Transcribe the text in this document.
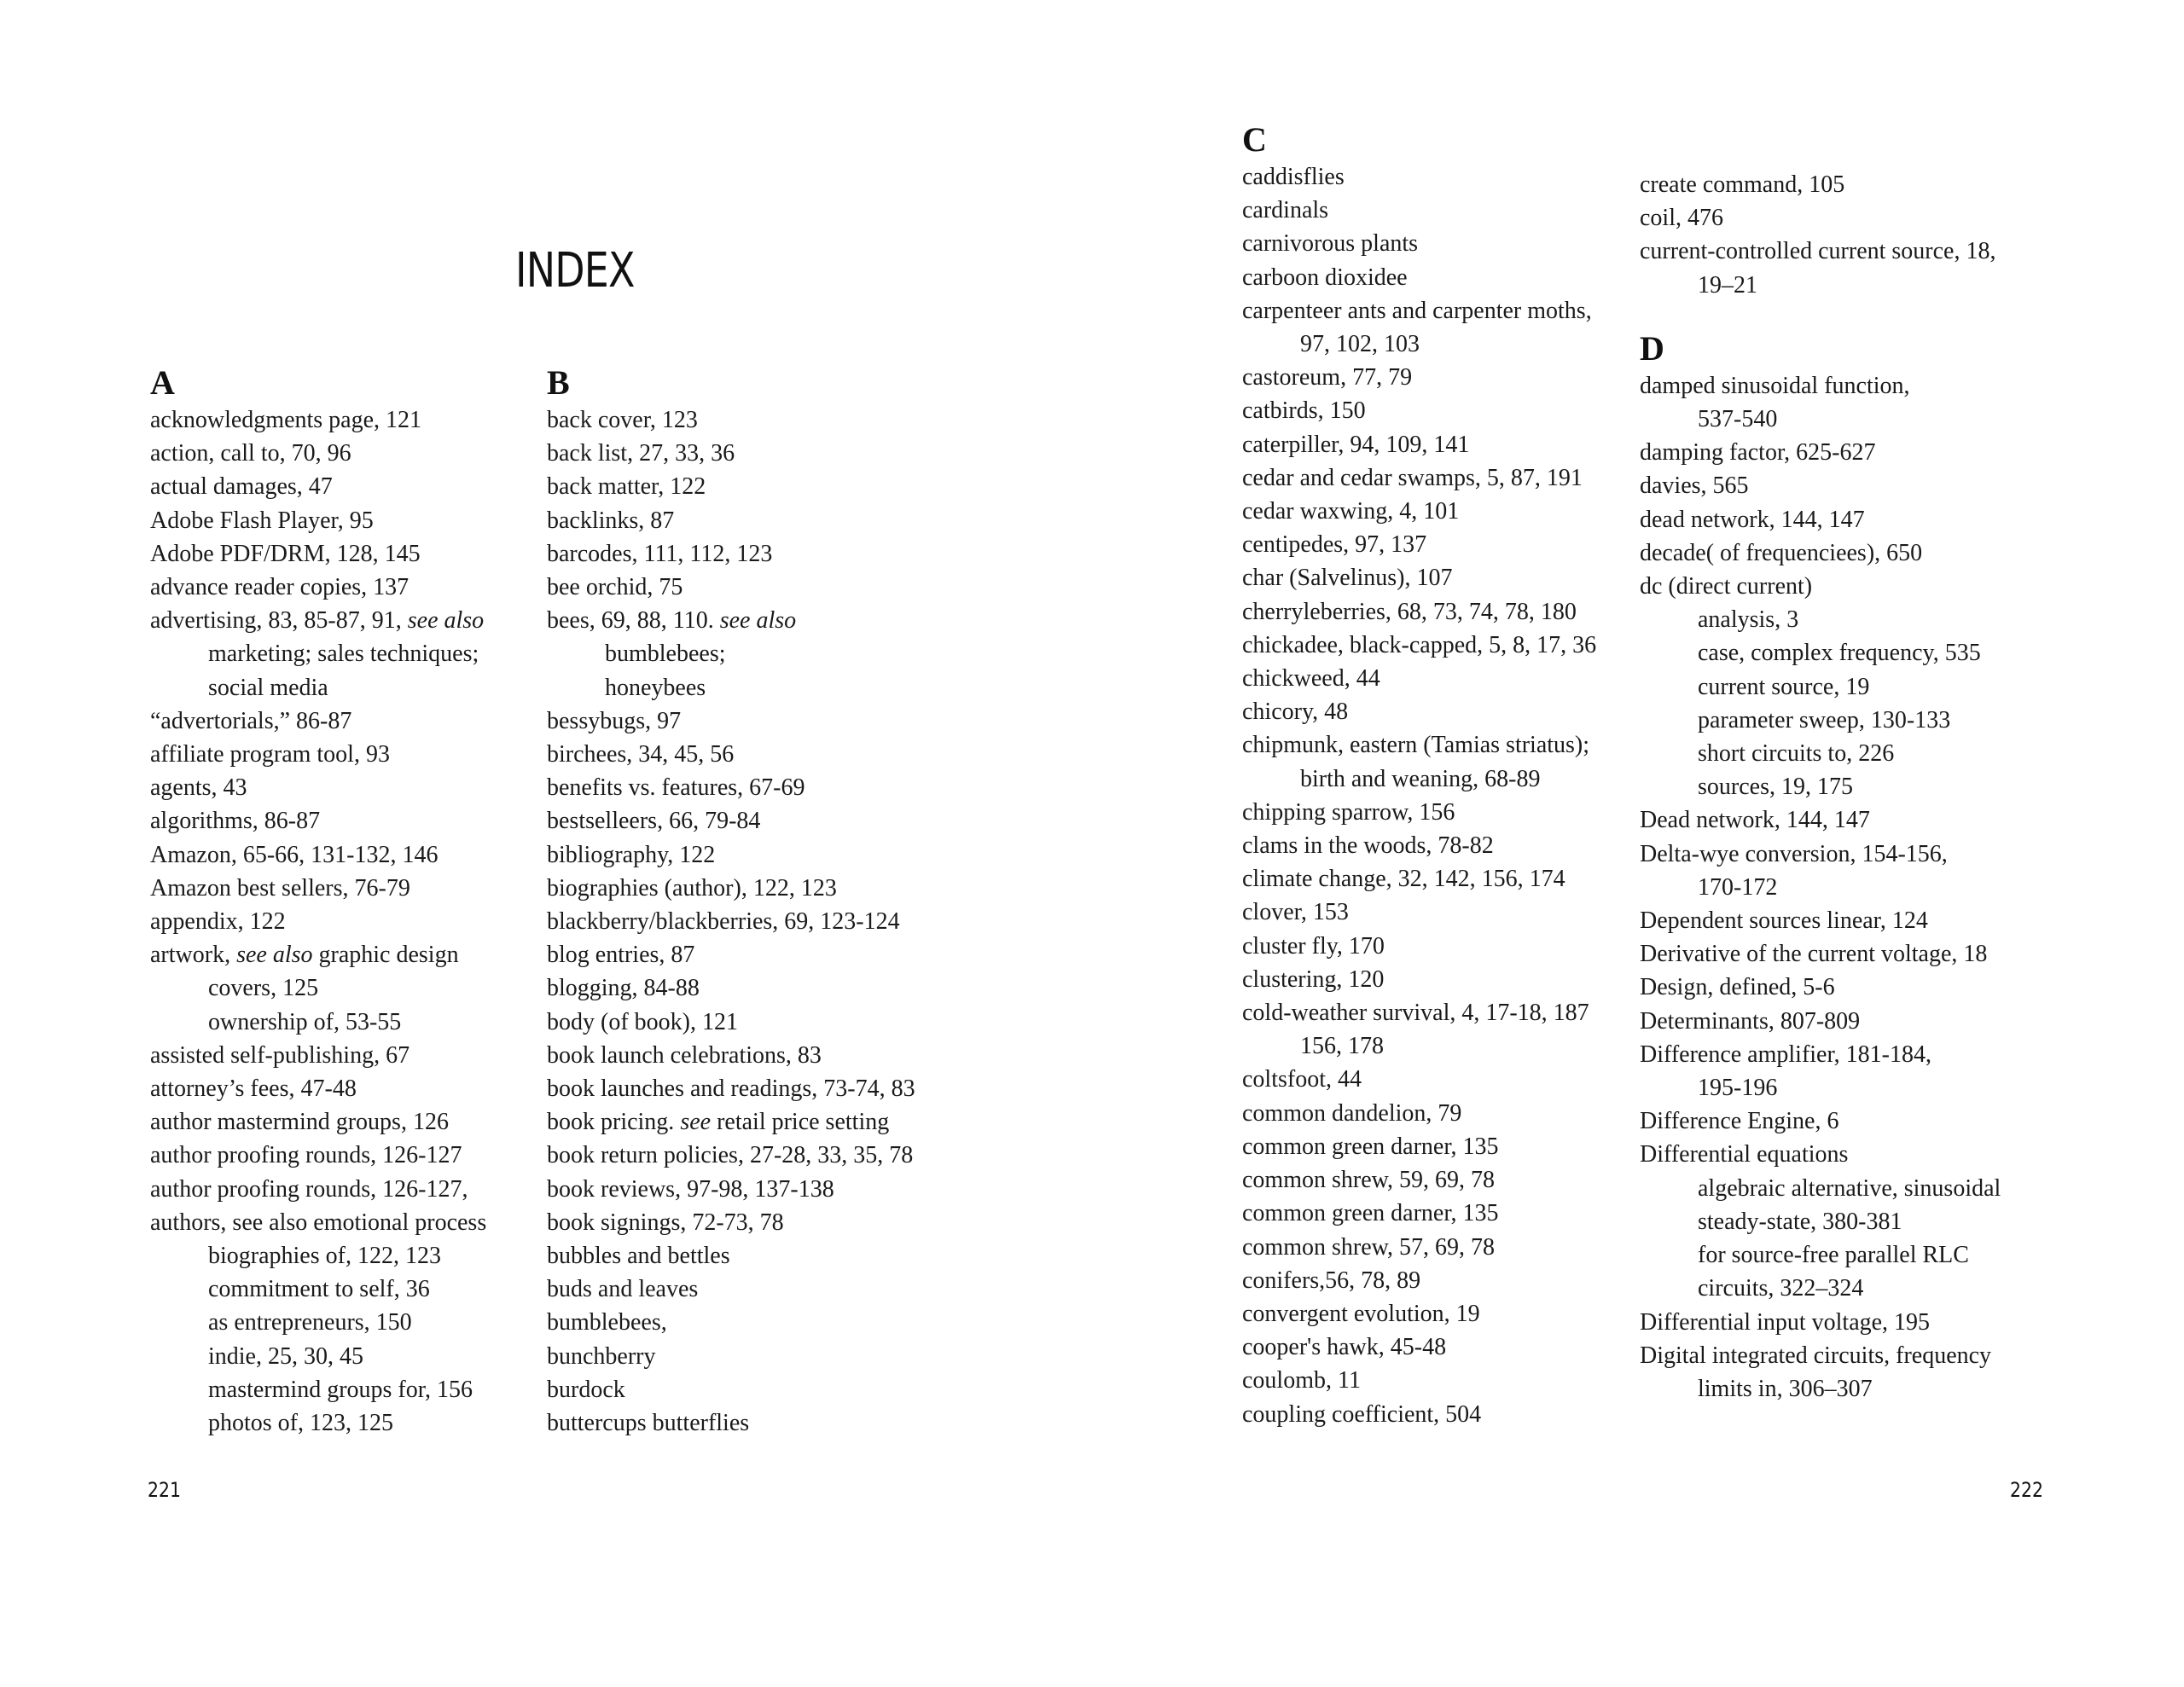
INDEX
A
acknowledgments page, 121
action, call to, 70, 96
actual damages, 47
Adobe Flash Player, 95
Adobe PDF/DRM, 128, 145
advance reader copies, 137
advertising, 83, 85-87, 91, see also
marketing; sales techniques;
social media
“advertorials,” 86-87
affiliate program tool, 93
agents, 43
algorithms, 86-87
Amazon, 65-66, 131-132, 146
Amazon best sellers, 76-79
appendix, 122
artwork, see also graphic design
covers, 125
ownership of, 53-55
assisted self-publishing, 67
attorney’s fees, 47-48
author mastermind groups, 126
author proofing rounds, 126-127
author proofing rounds, 126-127,
authors, see also emotional process
biographies of, 122, 123
commitment to self, 36
as entrepreneurs, 150
indie, 25, 30, 45
mastermind groups for, 156
photos of, 123, 125
B
back cover, 123
back list, 27, 33, 36
back matter, 122
backlinks, 87
barcodes, 111, 112, 123
bee orchid, 75
bees, 69, 88, 110. see also
bumblebees;
honeybees
bessybugs, 97
birchees, 34, 45, 56
benefits vs. features, 67-69
bestselleers, 66, 79-84
bibliography, 122
biographies (author), 122, 123
blackberry/blackberries, 69, 123-124
blog entries, 87
blogging, 84-88
body (of book), 121
book launch celebrations, 83
book launches and readings, 73-74, 83
book pricing. see retail price setting
book return policies, 27-28, 33, 35, 78
book reviews, 97-98, 137-138
book signings, 72-73, 78
bubbles and bettles
buds and leaves
bumblebees,
bunchberry
burdock
buttercups butterflies
221
C
caddisflies
cardinals
carnivorous plants
carboon dioxidee
carpenteer ants and carpenter moths,
97, 102, 103
castoreum, 77, 79
catbirds, 150
caterpiller, 94, 109, 141
cedar and cedar swamps, 5, 87, 191
cedar waxwing, 4, 101
centipedes, 97, 137
char (Salvelinus), 107
cherryleberries, 68, 73, 74, 78, 180
chickadee, black-capped, 5, 8, 17, 36
chickweed, 44
chicory, 48
chipmunk, eastern (Tamias striatus);
birth and weaning, 68-89
chipping sparrow, 156
clams in the woods, 78-82
climate change, 32, 142, 156, 174
clover, 153
cluster fly, 170
clustering, 120
cold-weather survival, 4, 17-18, 187
156, 178
coltsfoot, 44
common dandelion, 79
common green darner, 135
common shrew, 59, 69, 78
common green darner, 135
common shrew, 57, 69, 78
conifers,56, 78, 89
convergent evolution, 19
cooper's hawk, 45-48
coulomb, 11
coupling coefficient, 504
create command, 105
coil, 476
current-controlled current source, 18,
19–21
D
damped sinusoidal function,
537-540
damping factor, 625-627
davies, 565
dead network, 144, 147
decade( of frequenciees), 650
dc (direct current)
analysis, 3
case, complex frequency, 535
current source, 19
parameter sweep, 130-133
short circuits to, 226
sources, 19, 175
Dead network, 144, 147
Delta-wye conversion, 154-156,
170-172
Dependent sources linear, 124
Derivative of the current voltage, 18
Design, defined, 5-6
Determinants, 807-809
Difference amplifier, 181-184,
195-196
Difference Engine, 6
Differential equations
algebraic alternative, sinusoidal
steady-state, 380-381
for source-free parallel RLC
circuits, 322–324
Differential input voltage, 195
Digital integrated circuits, frequency
limits in, 306–307
222
